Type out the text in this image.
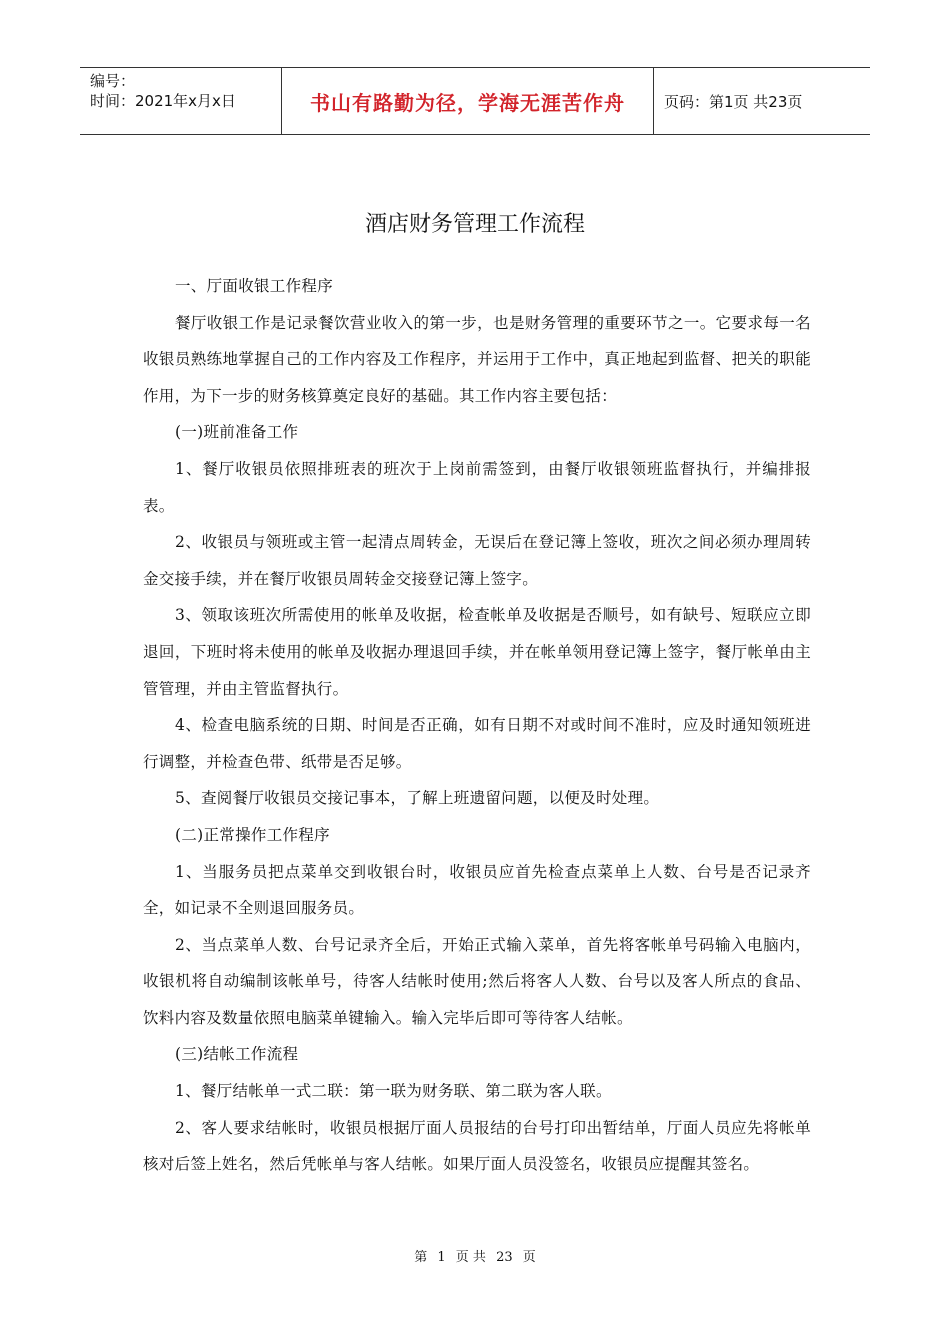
编号：
时间：2021年x月x日	书山有路勤为径，学海无涯苦作舟	页码：第1页 共23页
酒店财务管理工作流程

一、厅面收银工作程序

餐厅收银工作是记录餐饮营业收入的第一步，也是财务管理的重要环节之一。它要求每一名收银员熟练地掌握自己的工作内容及工作程序，并运用于工作中，真正地起到监督、把关的职能作用，为下一步的财务核算奠定良好的基础。其工作内容主要包括：

(一)班前准备工作

1、餐厅收银员依照排班表的班次于上岗前需签到，由餐厅收银领班监督执行，并编排报表。

2、收银员与领班或主管一起清点周转金，无误后在登记簿上签收，班次之间必须办理周转金交接手续，并在餐厅收银员周转金交接登记簿上签字。

3、领取该班次所需使用的帐单及收据，检查帐单及收据是否顺号，如有缺号、短联应立即退回，下班时将未使用的帐单及收据办理退回手续，并在帐单领用登记簿上签字，餐厅帐单由主管管理，并由主管监督执行。

4、检查电脑系统的日期、时间是否正确，如有日期不对或时间不准时，应及时通知领班进行调整，并检查色带、纸带是否足够。

5、查阅餐厅收银员交接记事本，了解上班遗留问题，以便及时处理。

(二)正常操作工作程序

1、当服务员把点菜单交到收银台时，收银员应首先检查点菜单上人数、台号是否记录齐全，如记录不全则退回服务员。

2、当点菜单人数、台号记录齐全后，开始正式输入菜单，首先将客帐单号码输入电脑内，收银机将自动编制该帐单号，待客人结帐时使用;然后将客人人数、台号以及客人所点的食品、饮料内容及数量依照电脑菜单键输入。输入完毕后即可等待客人结帐。

(三)结帐工作流程

1、餐厅结帐单一式二联：第一联为财务联、第二联为客人联。

2、客人要求结帐时，收银员根据厅面人员报结的台号打印出暂结单，厅面人员应先将帐单核对后签上姓名，然后凭帐单与客人结帐。如果厅面人员没签名，收银员应提醒其签名。

第 1 页 共 23 页
